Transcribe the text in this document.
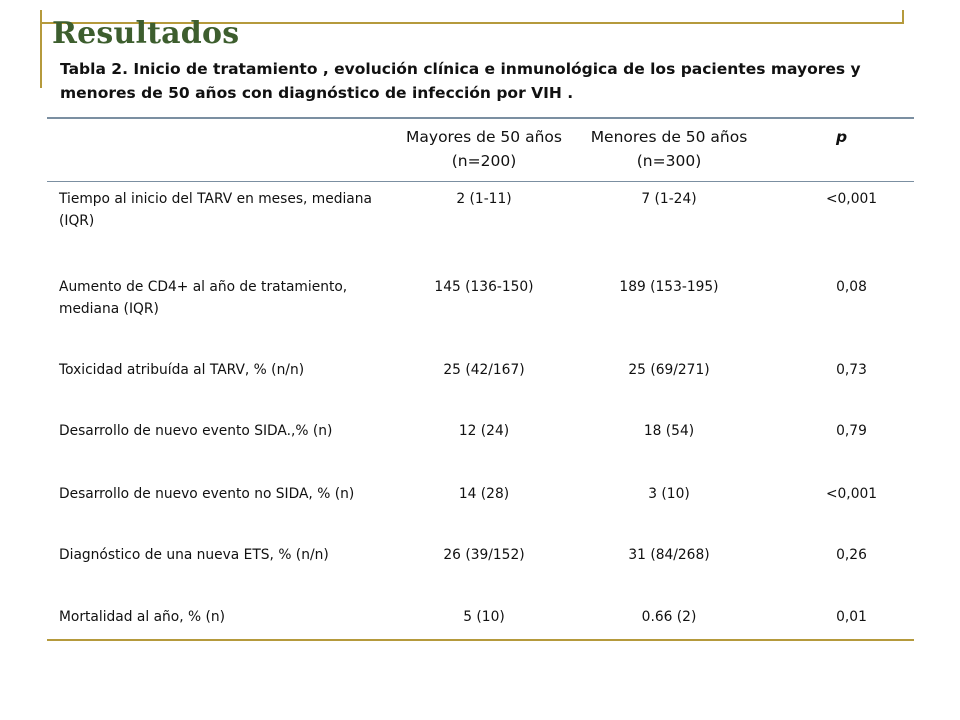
Resultados
Tabla 2. Inicio de tratamiento , evolución clínica e inmunológica de los pacientes mayores y menores de 50 años con diagnóstico de infección por VIH .
	Mayores de 50 años (n=200)	Menores de 50 años (n=300)	p
Tiempo al inicio del TARV en meses, mediana (IQR)	2 (1-11)	7 (1-24)	<0,001
Aumento de CD4+ al año de tratamiento, mediana (IQR)	145 (136-150)	189 (153-195)	0,08
Toxicidad atribuída al TARV, % (n/n)	25 (42/167)	25 (69/271)	0,73
Desarrollo de nuevo evento SIDA.,% (n)	12 (24)	18 (54)	0,79
Desarrollo de nuevo evento no SIDA, % (n)	14 (28)	3 (10)	<0,001
Diagnóstico de una nueva ETS, % (n/n)	26 (39/152)	31 (84/268)	0,26
Mortalidad al año, % (n)	5 (10)	0.66 (2)	0,01
